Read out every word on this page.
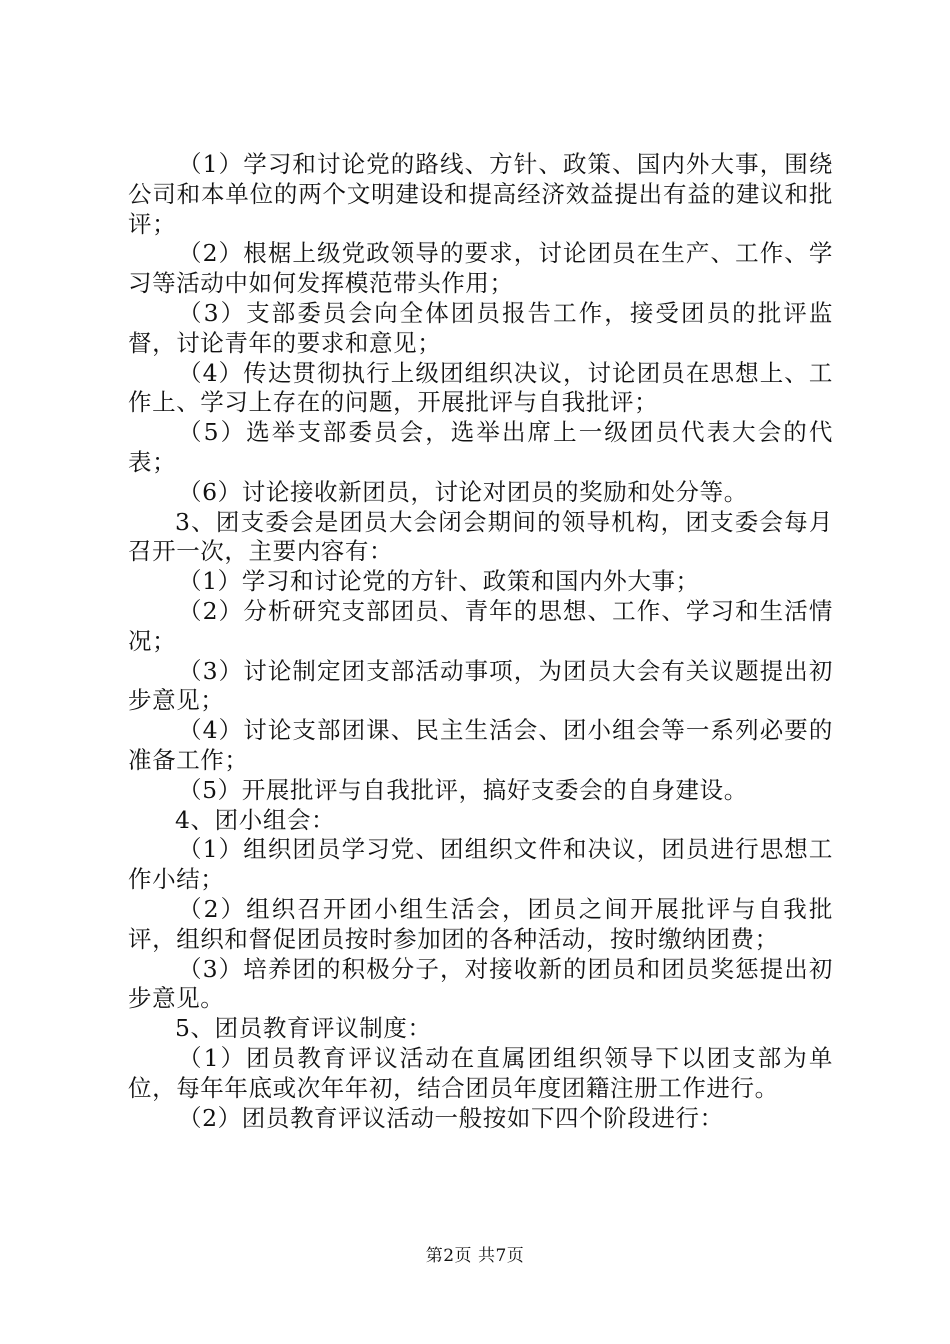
（1）学习和讨论党的路线、方针、政策、国内外大事，围绕公司和本单位的两个文明建设和提高经济效益提出有益的建议和批评；

（2）根椐上级党政领导的要求，讨论团员在生产、工作、学习等活动中如何发挥模范带头作用；

（3）支部委员会向全体团员报告工作，接受团员的批评监督，讨论青年的要求和意见；

（4）传达贯彻执行上级团组织决议，讨论团员在思想上、工作上、学习上存在的问题，开展批评与自我批评；

（5）选举支部委员会，选举出席上一级团员代表大会的代表；

（6）讨论接收新团员，讨论对团员的奖励和处分等。

3、团支委会是团员大会闭会期间的领导机构，团支委会每月召开一次，主要内容有：

（1）学习和讨论党的方针、政策和国内外大事；

（2）分析研究支部团员、青年的思想、工作、学习和生活情况；

（3）讨论制定团支部活动事项，为团员大会有关议题提出初步意见；

（4）讨论支部团课、民主生活会、团小组会等一系列必要的准备工作；

（5）开展批评与自我批评，搞好支委会的自身建设。

4、团小组会：

（1）组织团员学习党、团组织文件和决议，团员进行思想工作小结；

（2）组织召开团小组生活会，团员之间开展批评与自我批评，组织和督促团员按时参加团的各种活动，按时缴纳团费；

（3）培养团的积极分子，对接收新的团员和团员奖惩提出初步意见。

5、团员教育评议制度：

（1）团员教育评议活动在直属团组织领导下以团支部为单位，每年年底或次年年初，结合团员年度团籍注册工作进行。

（2）团员教育评议活动一般按如下四个阶段进行：

第2页 共7页
